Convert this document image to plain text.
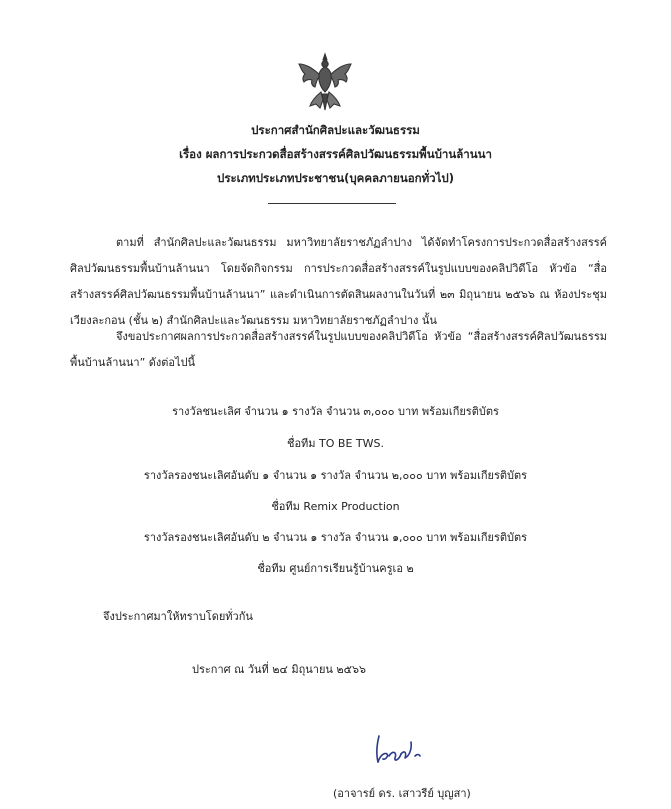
ประกาศสำนักศิลปะและวัฒนธรรม
เรื่อง ผลการประกวดสื่อสร้างสรรค์ศิลปวัฒนธรรมพื้นบ้านล้านนา
ประเภทประเภทประชาชน(บุคคลภายนอกทั่วไป)
ตามที่ สำนักศิลปะและวัฒนธรรม มหาวิทยาลัยราชภัฏลำปาง ได้จัดทำโครงการประกวดสื่อสร้างสรรค์ศิลปวัฒนธรรมพื้นบ้านล้านนา โดยจัดกิจกรรม การประกวดสื่อสร้างสรรค์ในรูปแบบของคลิปวิดีโอ หัวข้อ “สื่อสร้างสรรค์ศิลปวัฒนธรรมพื้นบ้านล้านนา” และดำเนินการตัดสินผลงานในวันที่ ๒๓ มิถุนายน ๒๕๖๖ ณ ห้องประชุมเวียงละกอน (ชั้น ๒) สำนักศิลปะและวัฒนธรรม มหาวิทยาลัยราชภัฏลำปาง นั้น
จึงขอประกาศผลการประกวดสื่อสร้างสรรค์ในรูปแบบของคลิปวิดีโอ หัวข้อ “สื่อสร้างสรรค์ศิลปวัฒนธรรมพื้นบ้านล้านนา” ดังต่อไปนี้
รางวัลชนะเลิศ จำนวน ๑ รางวัล จำนวน ๓,๐๐๐ บาท พร้อมเกียรติบัตร
ชื่อทีม TO BE TWS.
รางวัลรองชนะเลิศอันดับ ๑ จำนวน ๑ รางวัล จำนวน ๒,๐๐๐ บาท พร้อมเกียรติบัตร
ชื่อทีม Remix Production
รางวัลรองชนะเลิศอันดับ ๒ จำนวน ๑ รางวัล จำนวน ๑,๐๐๐ บาท พร้อมเกียรติบัตร
ชื่อทีม ศูนย์การเรียนรู้บ้านครูเอ ๒
จึงประกาศมาให้ทราบโดยทั่วกัน
ประกาศ ณ วันที่ ๒๔ มิถุนายน ๒๕๖๖
(อาจารย์ ดร. เสาวรีย์ บุญสา)
